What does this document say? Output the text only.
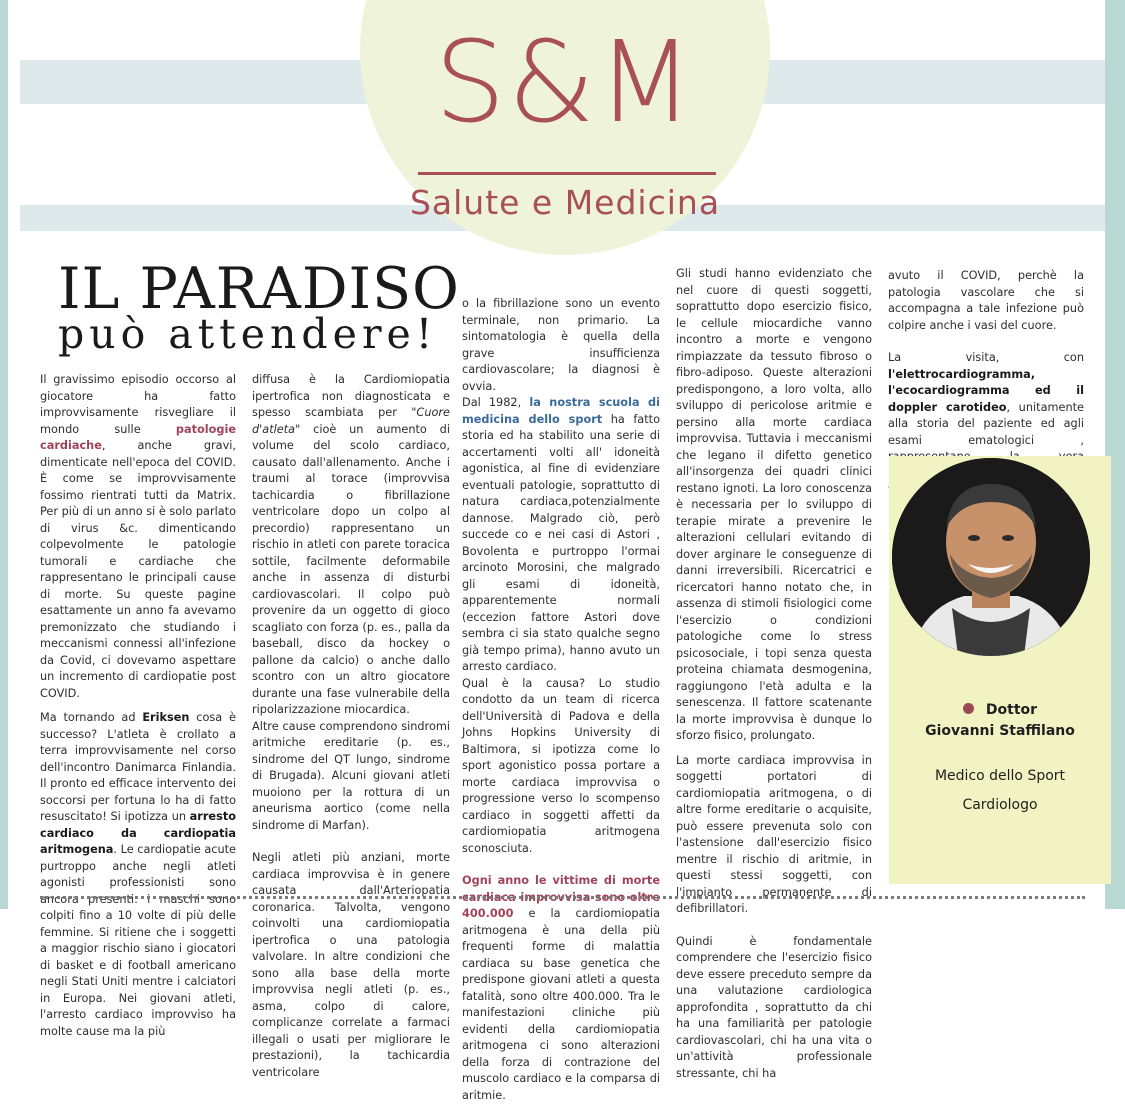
S&M
Salute e Medicina
IL PARADISO
può attendere!

Il gravissimo episodio occorso al giocatore ha fatto improvvisamente risvegliare il mondo sulle patologie cardiache, anche gravi, dimenticate nell'epoca del COVID. È come se improvvisamente fossimo rientrati tutti da Matrix. Per più di un anno si è solo parlato di virus &c. dimenticando colpevolmente le patologie tumorali e cardiache che rappresentano le principali cause di morte. Su queste pagine esattamente un anno fa avevamo premonizzato che studiando i meccanismi connessi all'infezione da Covid, ci dovevamo aspettare un incremento di cardiopatie post COVID.

Ma tornando ad Eriksen cosa è successo? L'atleta è crollato a terra improvvisamente nel corso dell'incontro Danimarca Finlandia. Il pronto ed efficace intervento dei soccorsi per fortuna lo ha di fatto resuscitato! Si ipotizza un arresto cardiaco da cardiopatia aritmogena. Le cardiopatie acute purtroppo anche negli atleti agonisti professionisti sono ancora presenti: i maschi sono colpiti fino a 10 volte di più delle femmine. Si ritiene che i soggetti a maggior rischio siano i giocatori di basket e di football americano negli Stati Uniti mentre i calciatori in Europa. Nei giovani atleti, l'arresto cardiaco improvviso ha molte cause ma la più

diffusa è la Cardiomiopatia ipertrofica non diagnosticata e spesso scambiata per "Cuore d'atleta" cioè un aumento di volume del scolo cardiaco, causato dall'allenamento. Anche i traumi al torace (improvvisa tachicardia o fibrillazione ventricolare dopo un colpo al precordio) rappresentano un rischio in atleti con parete toracica sottile, facilmente deformabile anche in assenza di disturbi cardiovascolari. Il colpo può provenire da un oggetto di gioco scagliato con forza (p. es., palla da baseball, disco da hockey o pallone da calcio) o anche dallo scontro con un altro giocatore durante una fase vulnerabile della ripolarizzazione miocardica.

Altre cause comprendono sindromi aritmiche ereditarie (p. es., sindrome del QT lungo, sindrome di Brugada). Alcuni giovani atleti muoiono per la rottura di un aneurisma aortico (come nella sindrome di Marfan).

Negli atleti più anziani, morte cardiaca improvvisa è in genere causata dall'Arteriopatia coronarica. Talvolta, vengono coinvolti una cardiomiopatia ipertrofica o una patologia valvolare. In altre condizioni che sono alla base della morte improvvisa negli atleti (p. es., asma, colpo di calore, complicanze correlate a farmaci illegali o usati per migliorare le prestazioni), la tachicardia ventricolare

o la fibrillazione sono un evento terminale, non primario. La sintomatologia è quella della grave insufficienza cardiovascolare; la diagnosi è ovvia.

Dal 1982, la nostra scuola di medicina dello sport ha fatto storia ed ha stabilito una serie di accertamenti volti all' idoneità agonistica, al fine di evidenziare eventuali patologie, soprattutto di natura cardiaca,potenzialmente dannose. Malgrado ciò, però succede co e nei casi di Astori , Bovolenta e purtroppo l'ormai arcinoto Morosini, che malgrado gli esami di idoneità, apparentemente normali (eccezion fattore Astori dove sembra ci sia stato qualche segno già tempo prima), hanno avuto un arresto cardiaco.

Qual è la causa? Lo studio condotto da un team di ricerca dell'Università di Padova e della Johns Hopkins University di Baltimora, si ipotizza come lo sport agonistico possa portare a morte cardiaca improvvisa o progressione verso lo scompenso cardiaco in soggetti affetti da cardiomiopatia aritmogena sconosciuta.

Ogni anno le vittime di morte cardiaca improvvisa sono oltre 400.000 e la cardiomiopatia aritmogena è una della più frequenti forme di malattia cardiaca su base genetica che predispone giovani atleti a questa fatalità, sono oltre 400.000. Tra le manifestazioni cliniche più evidenti della cardiomiopatia aritmogena ci sono alterazioni della forza di contrazione del muscolo cardiaco e la comparsa di aritmie.

Gli studi hanno evidenziato che nel cuore di questi soggetti, soprattutto dopo esercizio fisico, le cellule miocardiche vanno incontro a morte e vengono rimpiazzate da tessuto fibroso o fibro-adiposo. Queste alterazioni predispongono, a loro volta, allo sviluppo di pericolose aritmie e persino alla morte cardiaca improvvisa. Tuttavia i meccanismi che legano il difetto genetico all'insorgenza dei quadri clinici restano ignoti. La loro conoscenza è necessaria per lo sviluppo di terapie mirate a prevenire le alterazioni cellulari evitando di dover arginare le conseguenze di danni irreversibili. Ricercatrici e ricercatori hanno notato che, in assenza di stimoli fisiologici come l'esercizio o condizioni patologiche come lo stress psicosociale, i topi senza questa proteina chiamata desmogenina, raggiungono l'età adulta e la senescenza. Il fattore scatenante la morte improvvisa è dunque lo sforzo fisico, prolungato.

La morte cardiaca improvvisa in soggetti portatori di cardiomiopatia aritmogena, o di altre forme ereditarie o acquisite, può essere prevenuta solo con l'astensione dall'esercizio fisico mentre il rischio di aritmie, in questi stessi soggetti, con l'impianto permanente di defibrillatori.

Quindi è fondamentale comprendere che l'esercizio fisico deve essere preceduto sempre da una valutazione cardiologica approfondita , soprattutto da chi ha una familiarità per patologie cardiovascolari, chi ha una vita o un'attività professionale stressante, chi ha

avuto il COVID, perchè la patologia vascolare che si accompagna a tale infezione può colpire anche i vasi del cuore.

La visita, con l'elettrocardiogramma, l'ecocardiogramma ed il doppler carotideo, unitamente alla storia del paziente ed agli esami ematologici ,

Dottor
Giovanni Staffilano
Medico dello Sport
Cardiologo
